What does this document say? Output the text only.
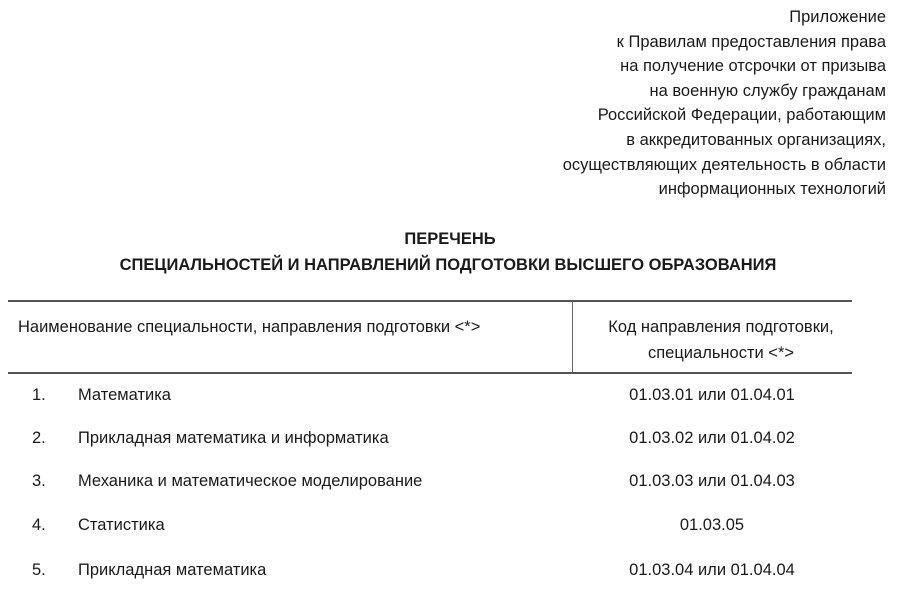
Приложение
к Правилам предоставления права
на получение отсрочки от призыва
на военную службу гражданам
Российской Федерации, работающим
в аккредитованных организациях,
осуществляющих деятельность в области
информационных технологий
ПЕРЕЧЕНЬ
СПЕЦИАЛЬНОСТЕЙ И НАПРАВЛЕНИЙ ПОДГОТОВКИ ВЫСШЕГО ОБРАЗОВАНИЯ
Наименование специальности, направления подготовки <*>	Код направления подготовки,
специальности <*>
1. Математика	01.03.01 или 01.04.01
2. Прикладная математика и информатика	01.03.02 или 01.04.02
3. Механика и математическое моделирование	01.03.03 или 01.04.03
4. Статистика	01.03.05
5. Прикладная математика	01.03.04 или 01.04.04
